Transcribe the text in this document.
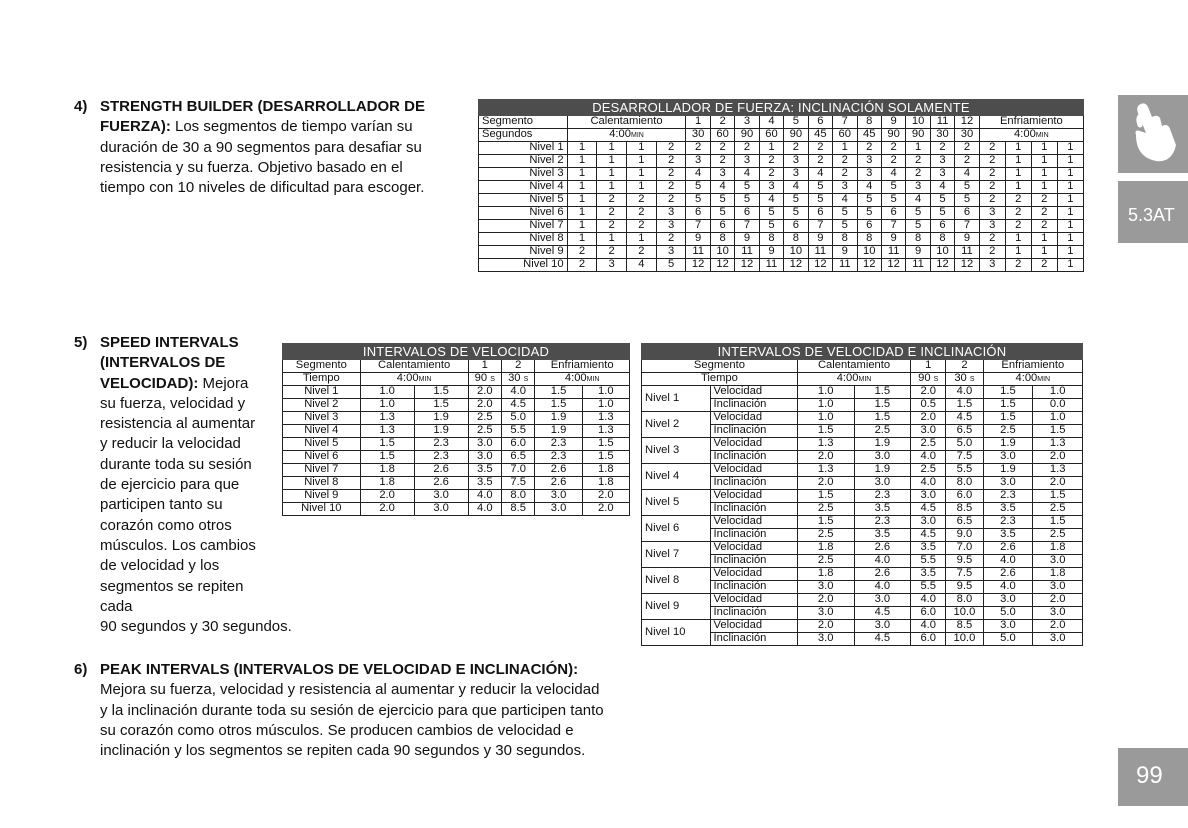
4) STRENGTH BUILDER (DESARROLLADOR DE
FUERZA): Los segmentos de tiempo varían su
duración de 30 a 90 segmentos para desafiar su
resistencia y su fuerza. Objetivo basado en el
tiempo con 10 niveles de dificultad para escoger.
5) SPEED INTERVALS
(INTERVALOS DE
VELOCIDAD): Mejora
su fuerza, velocidad y
resistencia al aumentar
y reducir la velocidad
durante toda su sesión
de ejercicio para que
participen tanto su
corazón como otros
músculos. Los cambios
de velocidad y los
segmentos se repiten
cada
90 segundos y 30 segundos.
6) PEAK INTERVALS (INTERVALOS DE VELOCIDAD E INCLINACIÓN):
Mejora su fuerza, velocidad y resistencia al aumentar y reducir la velocidad
y la inclinación durante toda su sesión de ejercicio para que participen tanto
su corazón como otros músculos. Se producen cambios de velocidad e
inclinación y los segmentos se repiten cada 90 segundos y 30 segundos.
DESARROLLADOR DE FUERZA: INCLINACIÓN SOLAMENTE																				
Segmento	Calentamiento				1	2	3	4	5	6	7	8	9	10	11	12	Enfriamiento			
Segundos	4:00MIN				30	60	90	60	90	45	60	45	90	90	30	30	4:00MIN			
Nivel 1	1	1	1	2	2	2	2	1	2	2	1	2	2	1	2	2	2	1	1	1
Nivel 2	1	1	1	2	3	2	3	2	3	2	2	3	2	2	3	2	2	1	1	1
Nivel 3	1	1	1	2	4	3	4	2	3	4	2	3	4	2	3	4	2	1	1	1
Nivel 4	1	1	1	2	5	4	5	3	4	5	3	4	5	3	4	5	2	1	1	1
Nivel 5	1	2	2	2	5	5	5	4	5	5	4	5	5	4	5	5	2	2	2	1
Nivel 6	1	2	2	3	6	5	6	5	5	6	5	5	6	5	5	6	3	2	2	1
Nivel 7	1	2	2	3	7	6	7	5	6	7	5	6	7	5	6	7	3	2	2	1
Nivel 8	1	1	1	2	9	8	9	8	8	9	8	8	9	8	8	9	2	1	1	1
Nivel 9	2	2	2	3	11	10	11	9	10	11	9	10	11	9	10	11	2	1	1	1
Nivel 10	2	3	4	5	12	12	12	11	12	12	11	12	12	11	12	12	3	2	2	1
INTERVALOS DE VELOCIDAD						
Segmento	Calentamiento		1	2	Enfriamiento	
Tiempo	4:00MIN		90 S	30 S	4:00MIN	
Nivel 1	1.0	1.5	2.0	4.0	1.5	1.0
Nivel 2	1.0	1.5	2.0	4.5	1.5	1.0
Nivel 3	1.3	1.9	2.5	5.0	1.9	1.3
Nivel 4	1.3	1.9	2.5	5.5	1.9	1.3
Nivel 5	1.5	2.3	3.0	6.0	2.3	1.5
Nivel 6	1.5	2.3	3.0	6.5	2.3	1.5
Nivel 7	1.8	2.6	3.5	7.0	2.6	1.8
Nivel 8	1.8	2.6	3.5	7.5	2.6	1.8
Nivel 9	2.0	3.0	4.0	8.0	3.0	2.0
Nivel 10	2.0	3.0	4.0	8.5	3.0	2.0
INTERVALOS DE VELOCIDAD E INCLINACIÓN							
Segmento		Calentamiento		1	2	Enfriamiento	
Tiempo		4:00MIN		90 S	30 S	4:00MIN	
Nivel 1	Velocidad	1.0	1.5	2.0	4.0	1.5	1.0
	Inclinación	1.0	1.5	0.5	1.5	1.5	0.0
Nivel 2	Velocidad	1.0	1.5	2.0	4.5	1.5	1.0
	Inclinación	1.5	2.5	3.0	6.5	2.5	1.5
Nivel 3	Velocidad	1.3	1.9	2.5	5.0	1.9	1.3
	Inclinación	2.0	3.0	4.0	7.5	3.0	2.0
Nivel 4	Velocidad	1.3	1.9	2.5	5.5	1.9	1.3
	Inclinación	2.0	3.0	4.0	8.0	3.0	2.0
Nivel 5	Velocidad	1.5	2.3	3.0	6.0	2.3	1.5
	Inclinación	2.5	3.5	4.5	8.5	3.5	2.5
Nivel 6	Velocidad	1.5	2.3	3.0	6.5	2.3	1.5
	Inclinación	2.5	3.5	4.5	9.0	3.5	2.5
Nivel 7	Velocidad	1.8	2.6	3.5	7.0	2.6	1.8
	Inclinación	2.5	4.0	5.5	9.5	4.0	3.0
Nivel 8	Velocidad	1.8	2.6	3.5	7.5	2.6	1.8
	Inclinación	3.0	4.0	5.5	9.5	4.0	3.0
Nivel 9	Velocidad	2.0	3.0	4.0	8.0	3.0	2.0
	Inclinación	3.0	4.5	6.0	10.0	5.0	3.0
Nivel 10	Velocidad	2.0	3.0	4.0	8.5	3.0	2.0
	Inclinación	3.0	4.5	6.0	10.0	5.0	3.0
5.3AT
99
